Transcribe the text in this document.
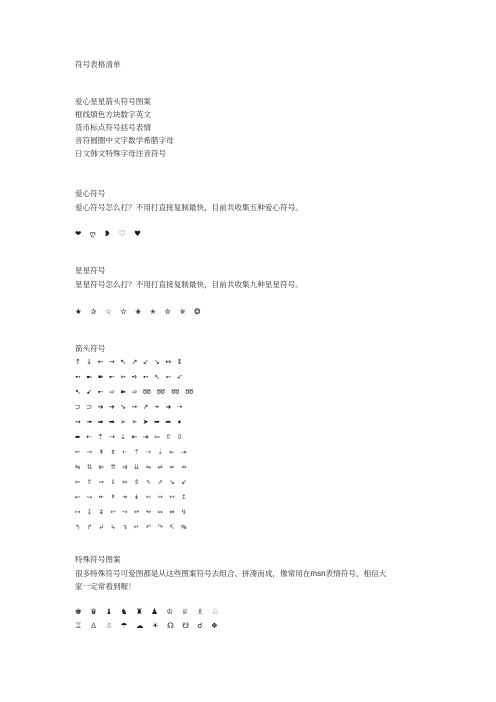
符号表格清单
爱心星星箭头符号图案
框线填色方块数字英文
货币标点符号括号表情
音符圆圈中文字数学希腊字母
日文韩文特殊字母注音符号
爱心符号
爱心符号怎么打？不用打直接复制最快，目前共收集五种爱心符号。
❤ ღ ❥ ♡ ♥
星星符号
星星符号怎么打？不用打直接复制最快，目前共收集九种星星符号。
★ ✰ ☆ ✫ ✬ ✭ ✮ ✯ ❂
箭头符号
↑ ↓ ← → ↖ ↗ ↙ ↘ ↔ ↕
➻ ➼ ➽ ➸ ➳ ➺ ➻ ➴ ➵ ➶
➷ ➹ ➸ ➾ ➽ ➾ ➿ ➿ ➿ ➿
⊃ ⊃ ➔ ➔ ➘ ➙ ➚ ➛ ➜ ➝
➞ ➟ ➠ ➡ ➢ ➣ ➤ ➥ ➦ ➧
➨ ⇠ ⇡ ⇢ ⇣ ⇤ ⇥ ⇦ ⇧ ⇩
⇜ ⇝ ⇞ ⇟ ⇠ ⇡ ⇢ ⇣ ⇤ ⇥
⇆ ⇅ ⇇ ⇈ ⇉ ⇊ ⇋ ⇌ ⇍ ⇏
⇐ ⇑ ⇒ ⇓ ⇔ ⇕ ⇖ ⇗ ⇘ ⇙
↜ ↝ ↞ ↟ ↠ ↡ ↢ ↣ ↤ ↥
↦ ↧ ↨ ↩ ↪ ↫ ↬ ↭ ↮ ↯
↰ ↱ ↲ ↳ ↴ ↵ ↶ ↷ ↸ ↹
特殊符号图案
很多特殊符号可爱图都是从这些图案符号去组合、拼凑而成，像常用在msn表情符号，相信大
家一定常看到喔！
♚ ♛ ♝ ♞ ♜ ♟ ♔ ♕ ♗ ♘
♖ ♙ ☃ ☂ ☁ ☀ ☊ ☋ ☌ ❖
